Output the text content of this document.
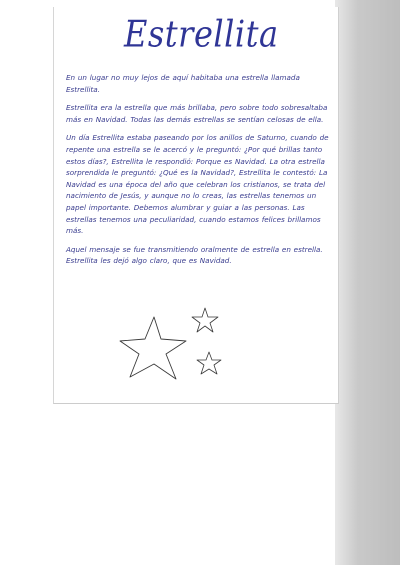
Estrellita

En un lugar no muy lejos de aquí habitaba una estrella llamada Estrellita.

Estrellita era la estrella que más brillaba, pero sobre todo sobresaltaba más en Navidad. Todas las demás estrellas se sentían celosas de ella.

Un día Estrellita estaba paseando por los anillos de Saturno, cuando de repente una estrella se le acercó y le preguntó: ¿Por qué brillas tanto estos días?, Estrellita le respondió: Porque es Navidad. La otra estrella sorprendida le preguntó: ¿Qué es la Navidad?, Estrellita le contestó: La Navidad es una época del año que celebran los cristianos, se trata del nacimiento de Jesús, y aunque no lo creas, las estrellas tenemos un papel importante. Debemos alumbrar y guiar a las personas. Las estrellas tenemos una peculiaridad, cuando estamos felices brillamos más.

Aquel mensaje se fue transmitiendo oralmente de estrella en estrella.

Estrellita les dejó algo claro, que es Navidad.
